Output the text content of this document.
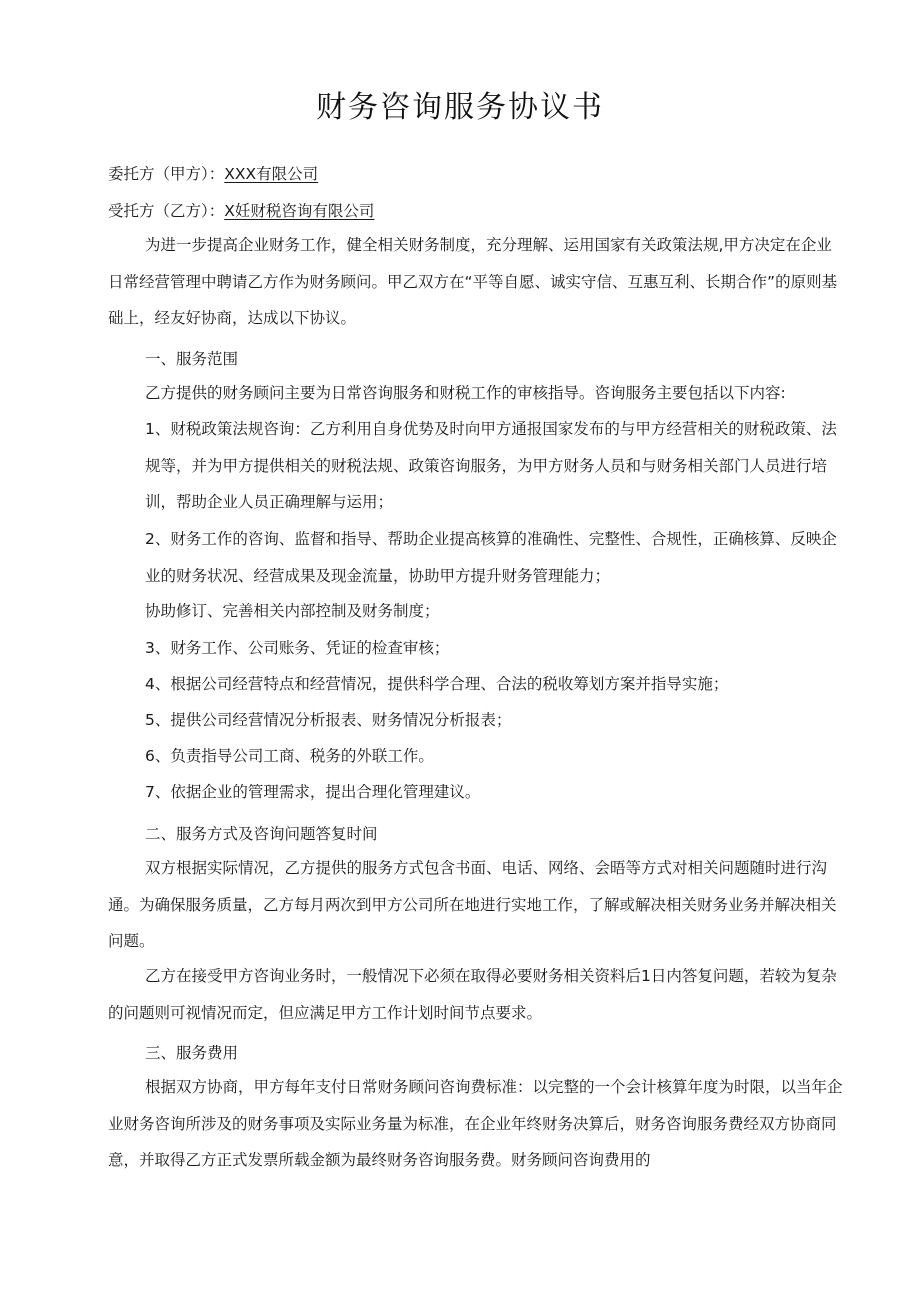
财务咨询服务协议书
委托方（甲方）：XXX有限公司
受托方（乙方）：X妊财税咨询有限公司
为进一步提高企业财务工作，健全相关财务制度，充分理解、运用国家有关政策法规,甲方决定在企业日常经营管理中聘请乙方作为财务顾问。甲乙双方在“平等自愿、诚实守信、互惠互利、长期合作”的原则基础上，经友好协商，达成以下协议。
一、服务范围
乙方提供的财务顾问主要为日常咨询服务和财税工作的审核指导。咨询服务主要包括以下内容:
1、财税政策法规咨询：乙方利用自身优势及时向甲方通报国家发布的与甲方经营相关的财税政策、法规等，并为甲方提供相关的财税法规、政策咨询服务，为甲方财务人员和与财务相关部门人员进行培训，帮助企业人员正确理解与运用；
2、财务工作的咨询、监督和指导、帮助企业提高核算的准确性、完整性、合规性，正确核算、反映企业的财务状况、经营成果及现金流量，协助甲方提升财务管理能力；
协助修订、完善相关内部控制及财务制度；
3、财务工作、公司账务、凭证的检查审核；
4、根据公司经营特点和经营情况，提供科学合理、合法的税收筹划方案并指导实施；
5、提供公司经营情况分析报表、财务情况分析报表；
6、负责指导公司工商、税务的外联工作。
7、依据企业的管理需求，提出合理化管理建议。
二、服务方式及咨询问题答复时间
双方根据实际情况，乙方提供的服务方式包含书面、电话、网络、会晤等方式对相关问题随时进行沟通。为确保服务质量，乙方每月两次到甲方公司所在地进行实地工作，了解或解决相关财务业务并解决相关问题。
乙方在接受甲方咨询业务时，一般情况下必须在取得必要财务相关资料后1日内答复问题，若较为复杂的问题则可视情况而定，但应满足甲方工作计划时间节点要求。
三、服务费用
根据双方协商，甲方每年支付日常财务顾问咨询费标准：以完整的一个会计核算年度为时限，以当年企业财务咨询所涉及的财务事项及实际业务量为标准，在企业年终财务决算后，财务咨询服务费经双方协商同意，并取得乙方正式发票所载金额为最终财务咨询服务费。财务顾问咨询费用的
